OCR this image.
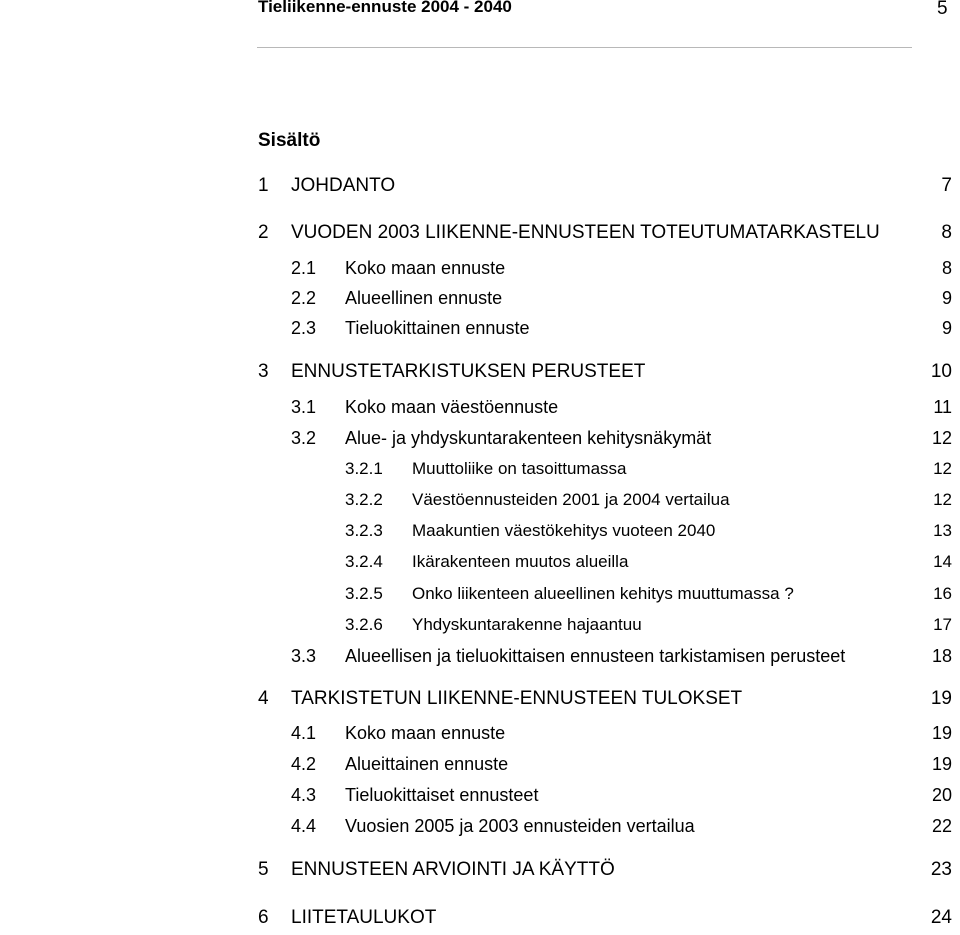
Tieliikenne-ennuste 2004 - 2040	5
Sisältö
1 JOHDANTO	7
2 VUODEN 2003 LIIKENNE-ENNUSTEEN TOTEUTUMATARKASTELU	8
2.1 Koko maan ennuste	8
2.2 Alueellinen ennuste	9
2.3 Tieluokittainen ennuste	9
3 ENNUSTETARKISTUKSEN PERUSTEET	10
3.1 Koko maan väestöennuste	11
3.2 Alue- ja yhdyskuntarakenteen kehitysnäkymät	12
3.2.1 Muuttoliike on tasoittumassa	12
3.2.2 Väestöennusteiden 2001 ja 2004 vertailua	12
3.2.3 Maakuntien väestökehitys vuoteen 2040	13
3.2.4 Ikärakenteen muutos alueilla	14
3.2.5 Onko liikenteen alueellinen kehitys muuttumassa ?	16
3.2.6 Yhdyskuntarakenne hajaantuu	17
3.3 Alueellisen ja tieluokittaisen ennusteen tarkistamisen perusteet	18
4 TARKISTETUN LIIKENNE-ENNUSTEEN TULOKSET	19
4.1 Koko maan ennuste	19
4.2 Alueittainen ennuste	19
4.3 Tieluokittaiset ennusteet	20
4.4 Vuosien 2005 ja 2003 ennusteiden vertailua	22
5 ENNUSTEEN ARVIOINTI JA KÄYTTÖ	23
6 LIITETAULUKOT	24
